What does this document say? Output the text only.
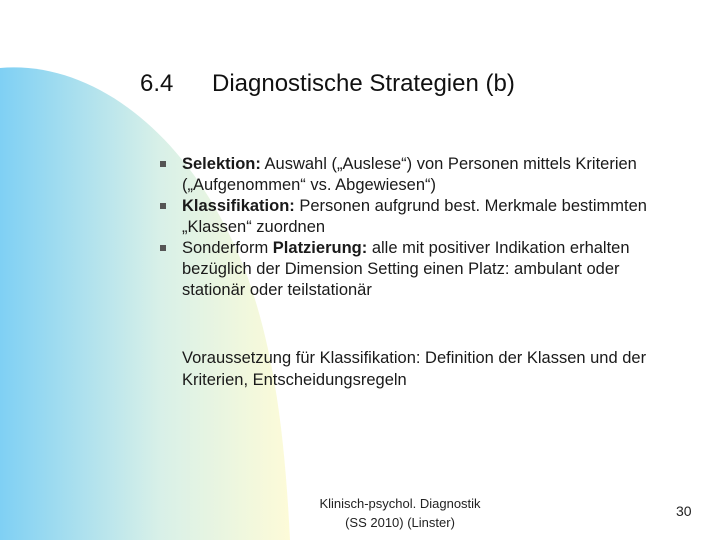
6.4 Diagnostische Strategien (b)
Selektion: Auswahl („Auslese“) von Personen mittels Kriterien („Aufgenommen“ vs. Abgewiesen“)
Klassifikation: Personen aufgrund best. Merkmale bestimmten „Klassen“ zuordnen
Sonderform Platzierung: alle mit positiver Indikation erhalten bezüglich der Dimension Setting einen Platz: ambulant oder stationär oder teilstationär
Voraussetzung für Klassifikation: Definition der Klassen und der Kriterien, Entscheidungsregeln
Klinisch-psychol. Diagnostik
(SS 2010) (Linster)
30
